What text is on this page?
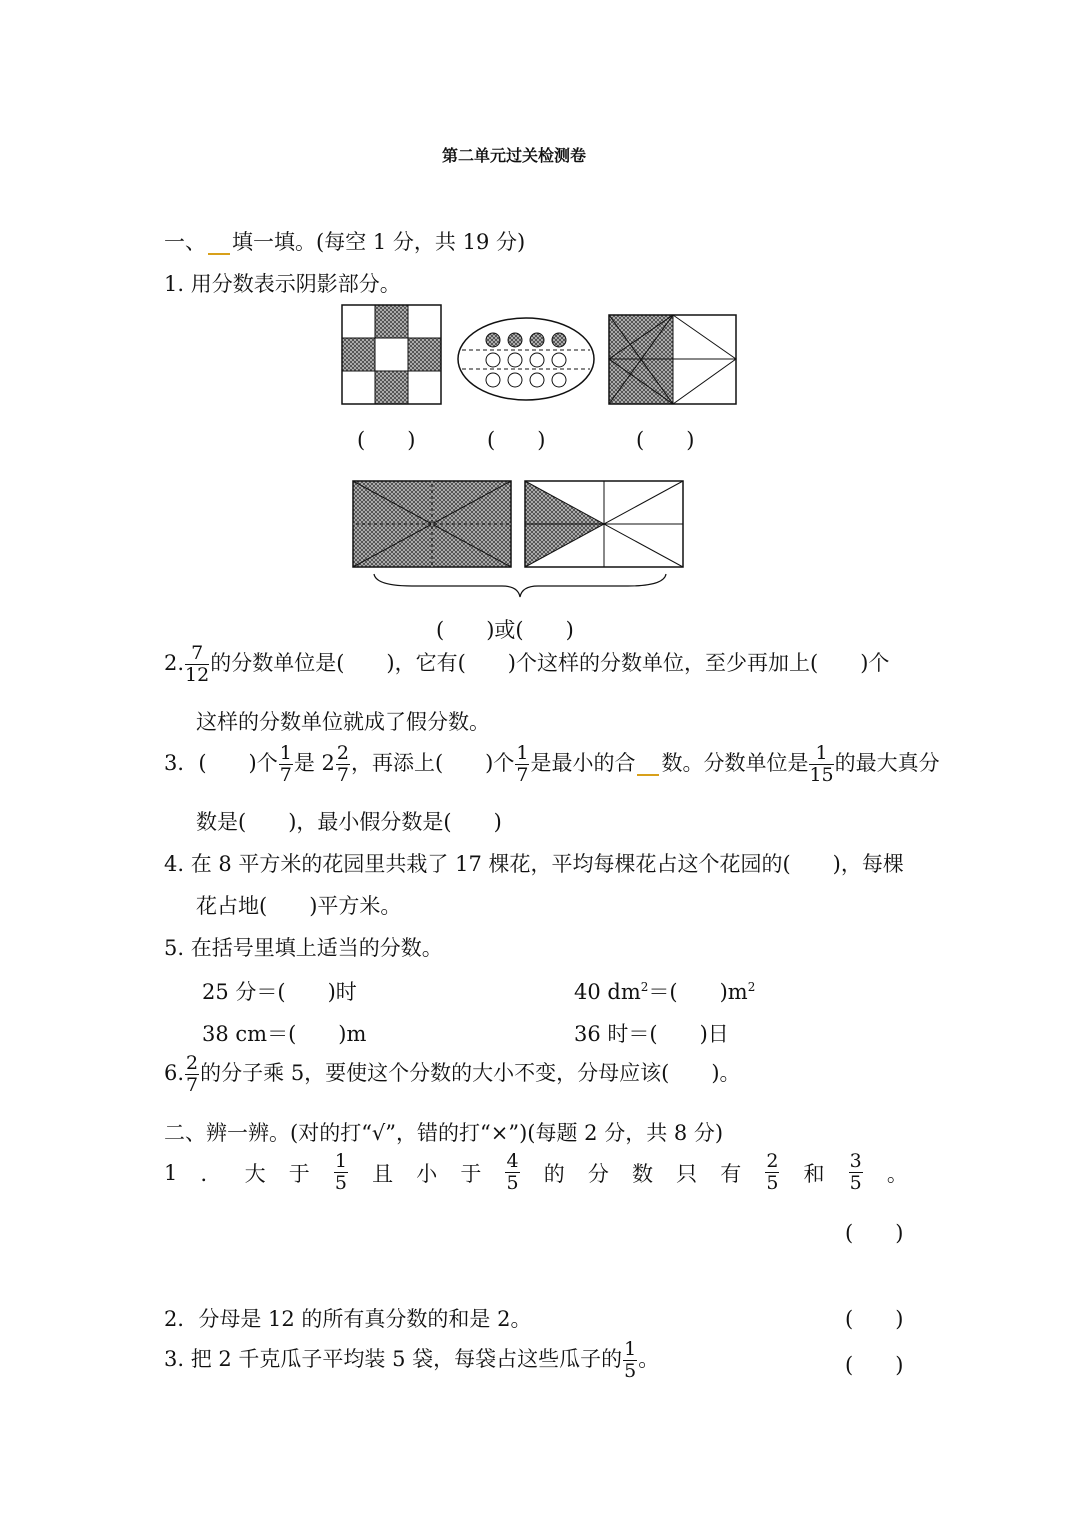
第二单元过关检测卷
一、 填一填。(每空 1 分，共 19 分)
1. 用分数表示阴影部分。
(　　)	(　　)	(　　)
(　　)或(　　)
2. $\frac{7}{12}$ 的分数单位是(　　)，它有(　　)个这样的分数单位，至少再加上(　　)个
这样的分数单位就成了假分数。
3．(　　)个 $\frac{1}{7}$ 是 $2 \frac{2}{7}$ ，再添上(　　)个 $\frac{1}{7}$ 是最小的合 数。分数单位是 $\frac{1}{15}$ 的最大真分
数是(　　)，最小假分数是(　　)
4. 在 8 平方米的花园里共栽了 17 棵花，平均每棵花占这个花园的(　　)，每棵
花占地(　　)平方米。
5. 在括号里填上适当的分数。
25 分＝(　　)时	40 $dm^2=$(　　)$m^2$
38 cm＝(　　)m	36 时＝(　　)日
6. $\frac{2}{7}$ 的分子乘 5，要使这个分数的大小不变，分母应该(　　)。
二、辨一辨。(对的打“√”，错的打“×”)(每题 2 分，共 8 分)
1 ． 大 于 $\frac{1}{5}$ 且 小 于 $\frac{4}{5}$ 的 分 数 只 有 $\frac{2}{5}$ 和 $\frac{3}{5}$ 。
(　　)
2．分母是 12 的所有真分数的和是 2。	(　　)
3. 把 2 千克瓜子平均装 5 袋，每袋占这些瓜子的 $\frac{1}{5}$ 。	(　　)
